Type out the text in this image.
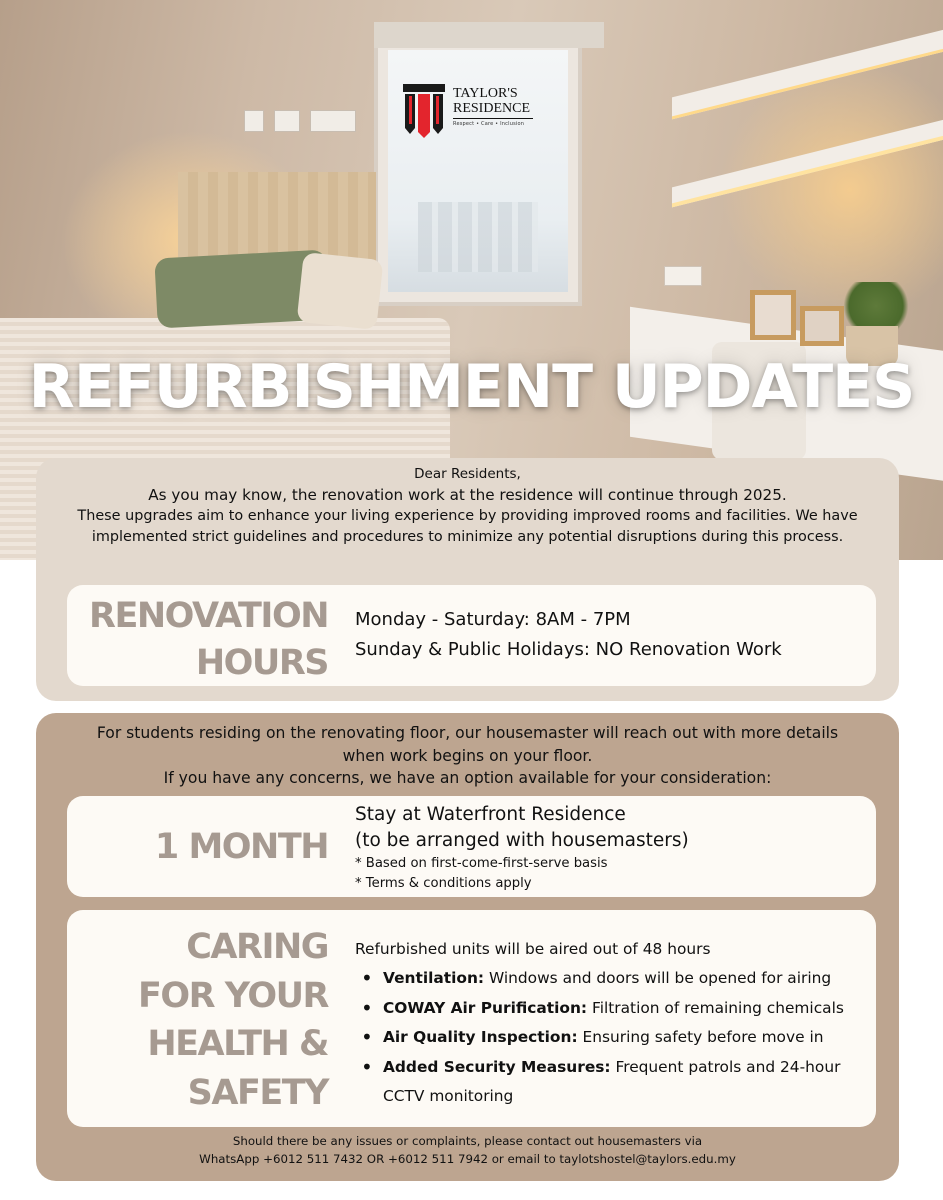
TAYLOR'S
RESIDENCE
Respect • Care • Inclusion
REFURBISHMENT UPDATES
Dear Residents,
As you may know, the renovation work at the residence will continue through 2025.
These upgrades aim to enhance your living experience by providing improved rooms and facilities. We have implemented strict guidelines and procedures to minimize any potential disruptions during this process.
RENOVATION
HOURS
Monday - Saturday: 8AM - 7PM
Sunday & Public Holidays: NO Renovation Work
For students residing on the renovating floor, our housemaster will reach out with more details when work begins on your floor.
If you have any concerns, we have an option available for your consideration:
1 MONTH
Stay at Waterfront Residence
(to be arranged with housemasters)
* Based on first-come-first-serve basis
* Terms & conditions apply
CARING
FOR YOUR
HEALTH &
SAFETY
Refurbished units will be aired out of 48 hours
• Ventilation: Windows and doors will be opened for airing
• COWAY Air Purification: Filtration of remaining chemicals
• Air Quality Inspection: Ensuring safety before move in
• Added Security Measures: Frequent patrols and 24-hour CCTV monitoring
Should there be any issues or complaints, please contact out housemasters via
WhatsApp +6012 511 7432 OR +6012 511 7942 or email to taylotshostel@taylors.edu.my
